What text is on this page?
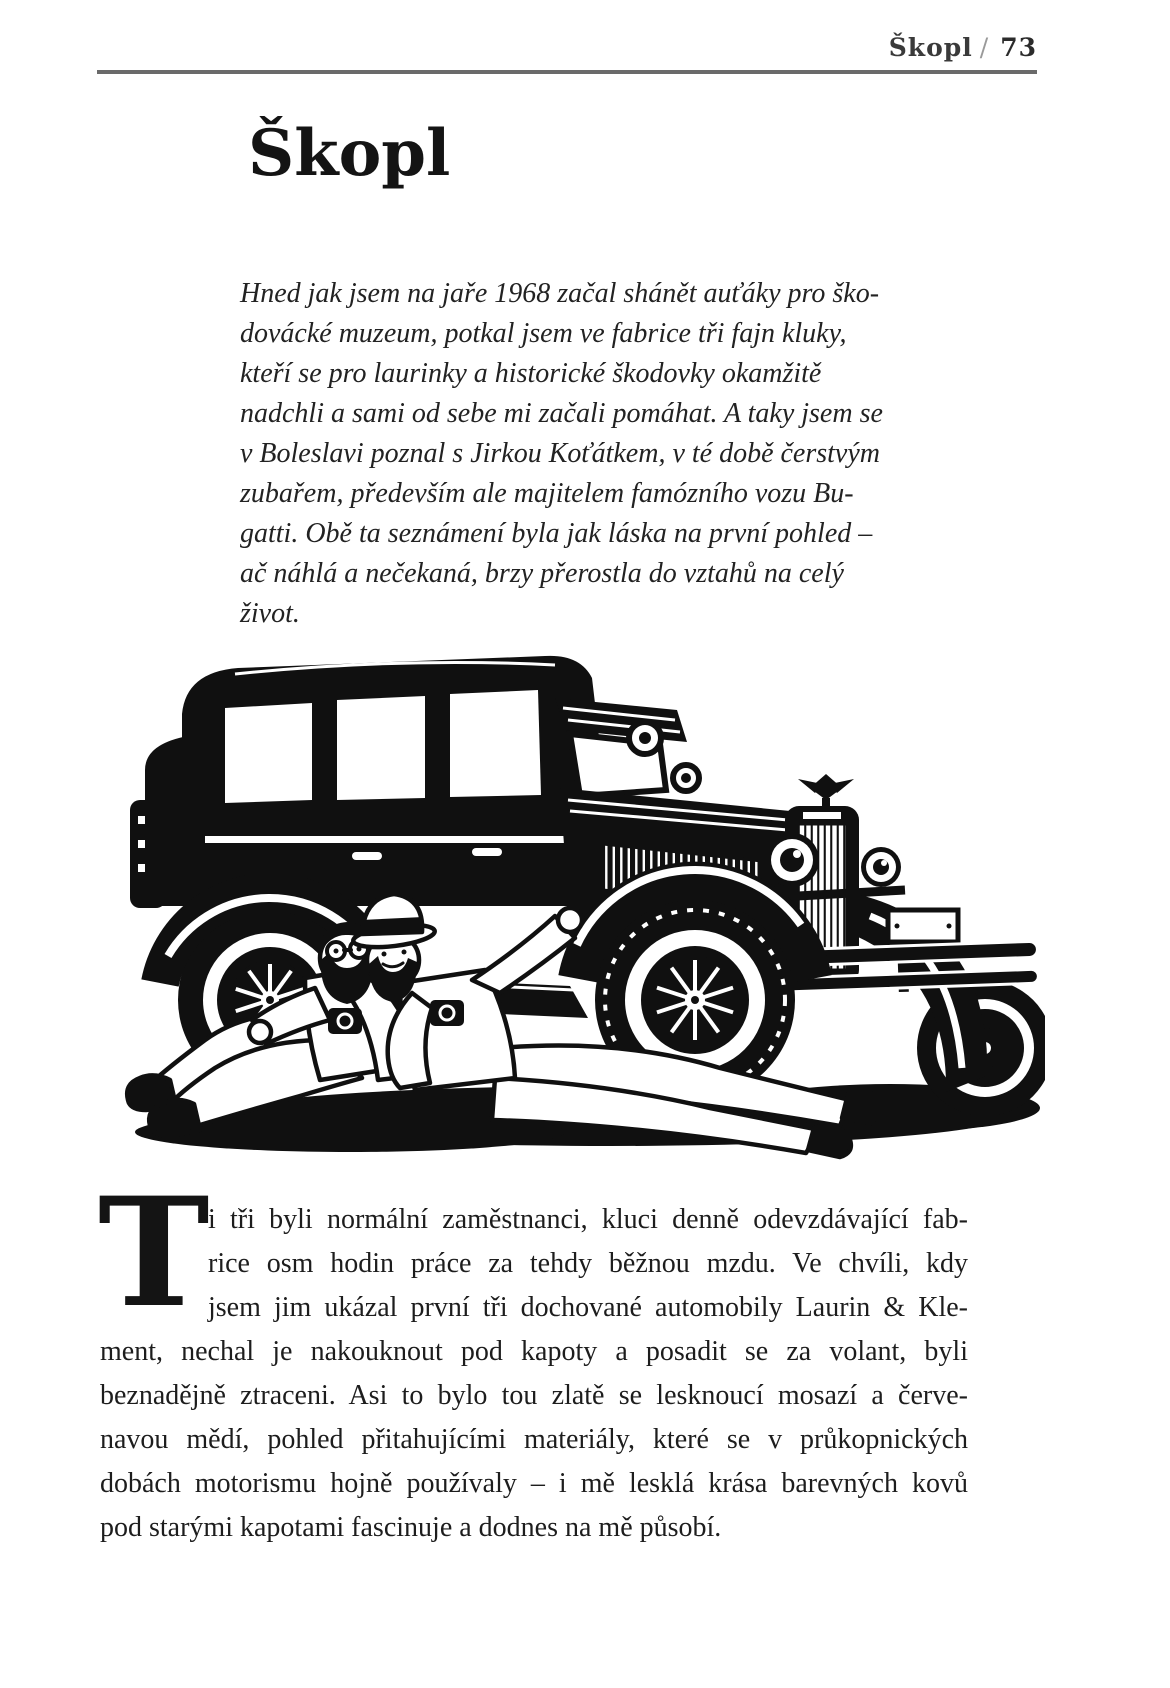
Škopl / 73
Škopl
Hned jak jsem na jaře 1968 začal shánět auťáky pro ško-
dovácké muzeum, potkal jsem ve fabrice tři fajn kluky,
kteří se pro laurinky a historické škodovky okamžitě
nadchli a sami od sebe mi začali pomáhat. A taky jsem se
v Boleslavi poznal s Jirkou Koťátkem, v té době čerstvým
zubařem, především ale majitelem famózního vozu Bu-
gatti. Obě ta seznámení byla jak láska na první pohled –
ač náhlá a nečekaná, brzy přerostla do vztahů na celý
život.
T
i tři byli normální zaměstnanci, kluci denně odevzdávající fab-
rice osm hodin práce za tehdy běžnou mzdu. Ve chvíli, kdy
jsem jim ukázal první tři dochované automobily Laurin & Kle-
ment, nechal je nakouknout pod kapoty a posadit se za volant, byli
beznadějně ztraceni. Asi to bylo tou zlatě se lesknoucí mosazí a červe-
navou mědí, pohled přitahujícími materiály, které se v průkopnických
dobách motorismu hojně používaly – i mě lesklá krása barevných kovů
pod starými kapotami fascinuje a dodnes na mě působí.
